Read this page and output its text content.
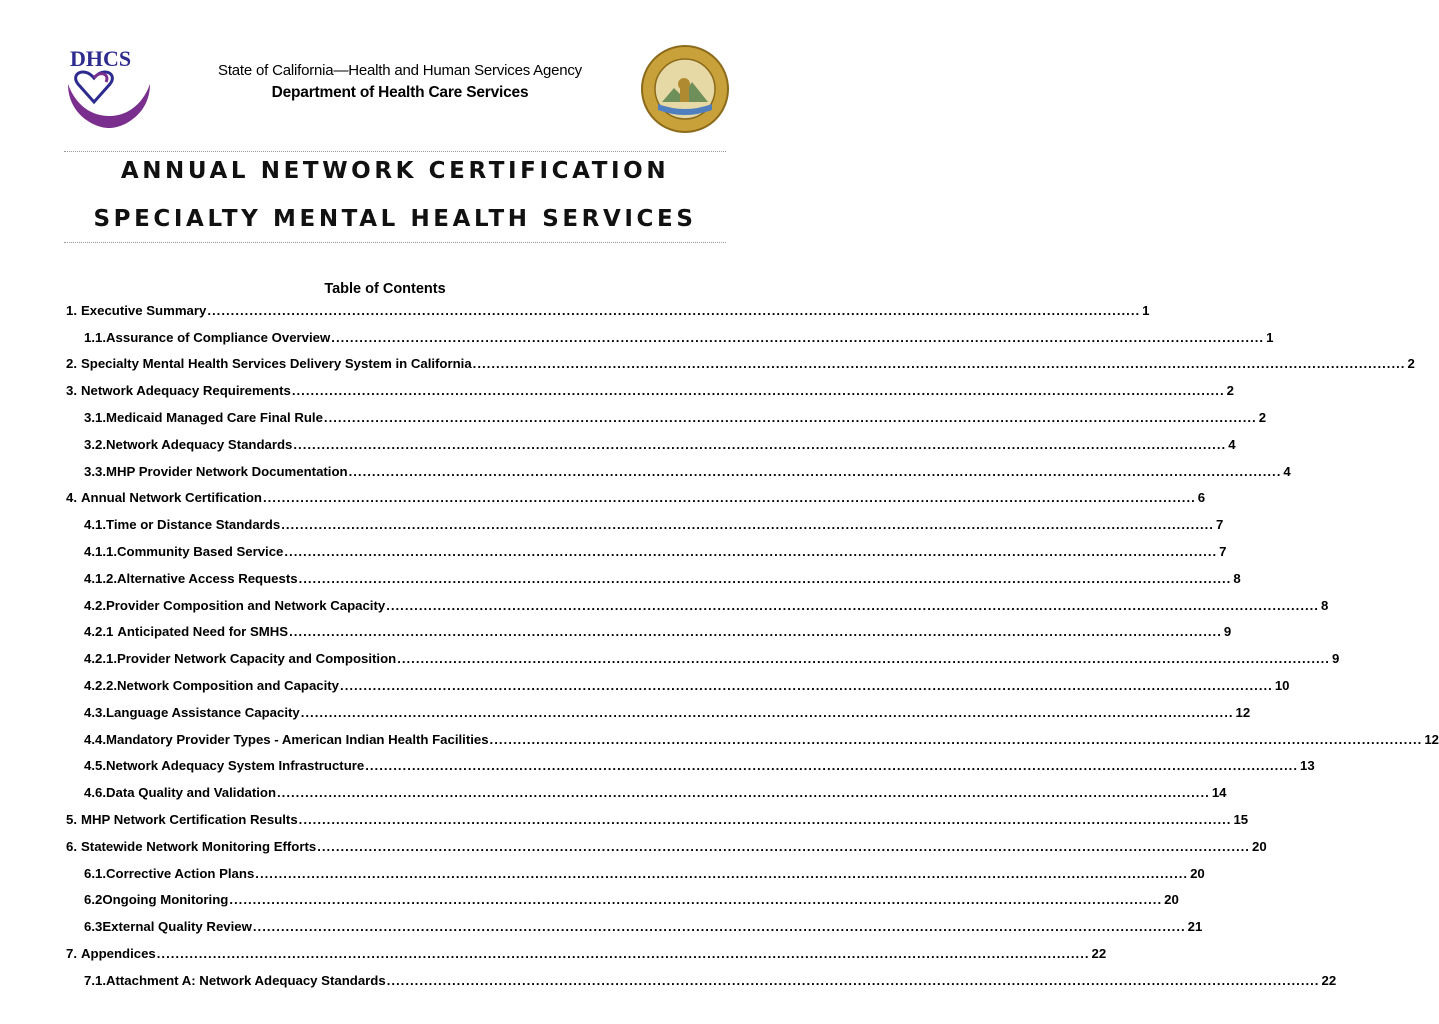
DHCS	State of California—Health and Human Services Agency
Department of Health Care Services
ANNUAL NETWORK CERTIFICATION
SPECIALTY MENTAL HEALTH SERVICES
Table of Contents
1. Executive Summary ........................................................................................................................................................................................................ 1
1.1. Assurance of Compliance Overview ........................................................................................................................................................................................................ 1
2. Specialty Mental Health Services Delivery System in California ........................................................................................................................................................................................................ 2
3. Network Adequacy Requirements ........................................................................................................................................................................................................ 2
3.1. Medicaid Managed Care Final Rule ........................................................................................................................................................................................................ 2
3.2. Network Adequacy Standards ........................................................................................................................................................................................................ 4
3.3. MHP Provider Network Documentation ........................................................................................................................................................................................................ 4
4. Annual Network Certification ........................................................................................................................................................................................................ 6
4.1. Time or Distance Standards ........................................................................................................................................................................................................ 7
4.1.1. Community Based Service ........................................................................................................................................................................................................ 7
4.1.2. Alternative Access Requests ........................................................................................................................................................................................................ 8
4.2. Provider Composition and Network Capacity ........................................................................................................................................................................................................ 8
4.2.1 Anticipated Need for SMHS ........................................................................................................................................................................................................ 9
4.2.1. Provider Network Capacity and Composition ........................................................................................................................................................................................................ 9
4.2.2. Network Composition and Capacity ........................................................................................................................................................................................................ 10
4.3. Language Assistance Capacity ........................................................................................................................................................................................................ 12
4.4. Mandatory Provider Types - American Indian Health Facilities ........................................................................................................................................................................................................ 12
4.5. Network Adequacy System Infrastructure ........................................................................................................................................................................................................ 13
4.6. Data Quality and Validation ........................................................................................................................................................................................................ 14
5. MHP Network Certification Results ........................................................................................................................................................................................................ 15
6. Statewide Network Monitoring Efforts ........................................................................................................................................................................................................ 20
6.1. Corrective Action Plans ........................................................................................................................................................................................................ 20
6.2 Ongoing Monitoring ........................................................................................................................................................................................................ 20
6.3 External Quality Review ........................................................................................................................................................................................................ 21
7. Appendices ........................................................................................................................................................................................................ 22
7.1. Attachment A: Network Adequacy Standards ........................................................................................................................................................................................................ 22
